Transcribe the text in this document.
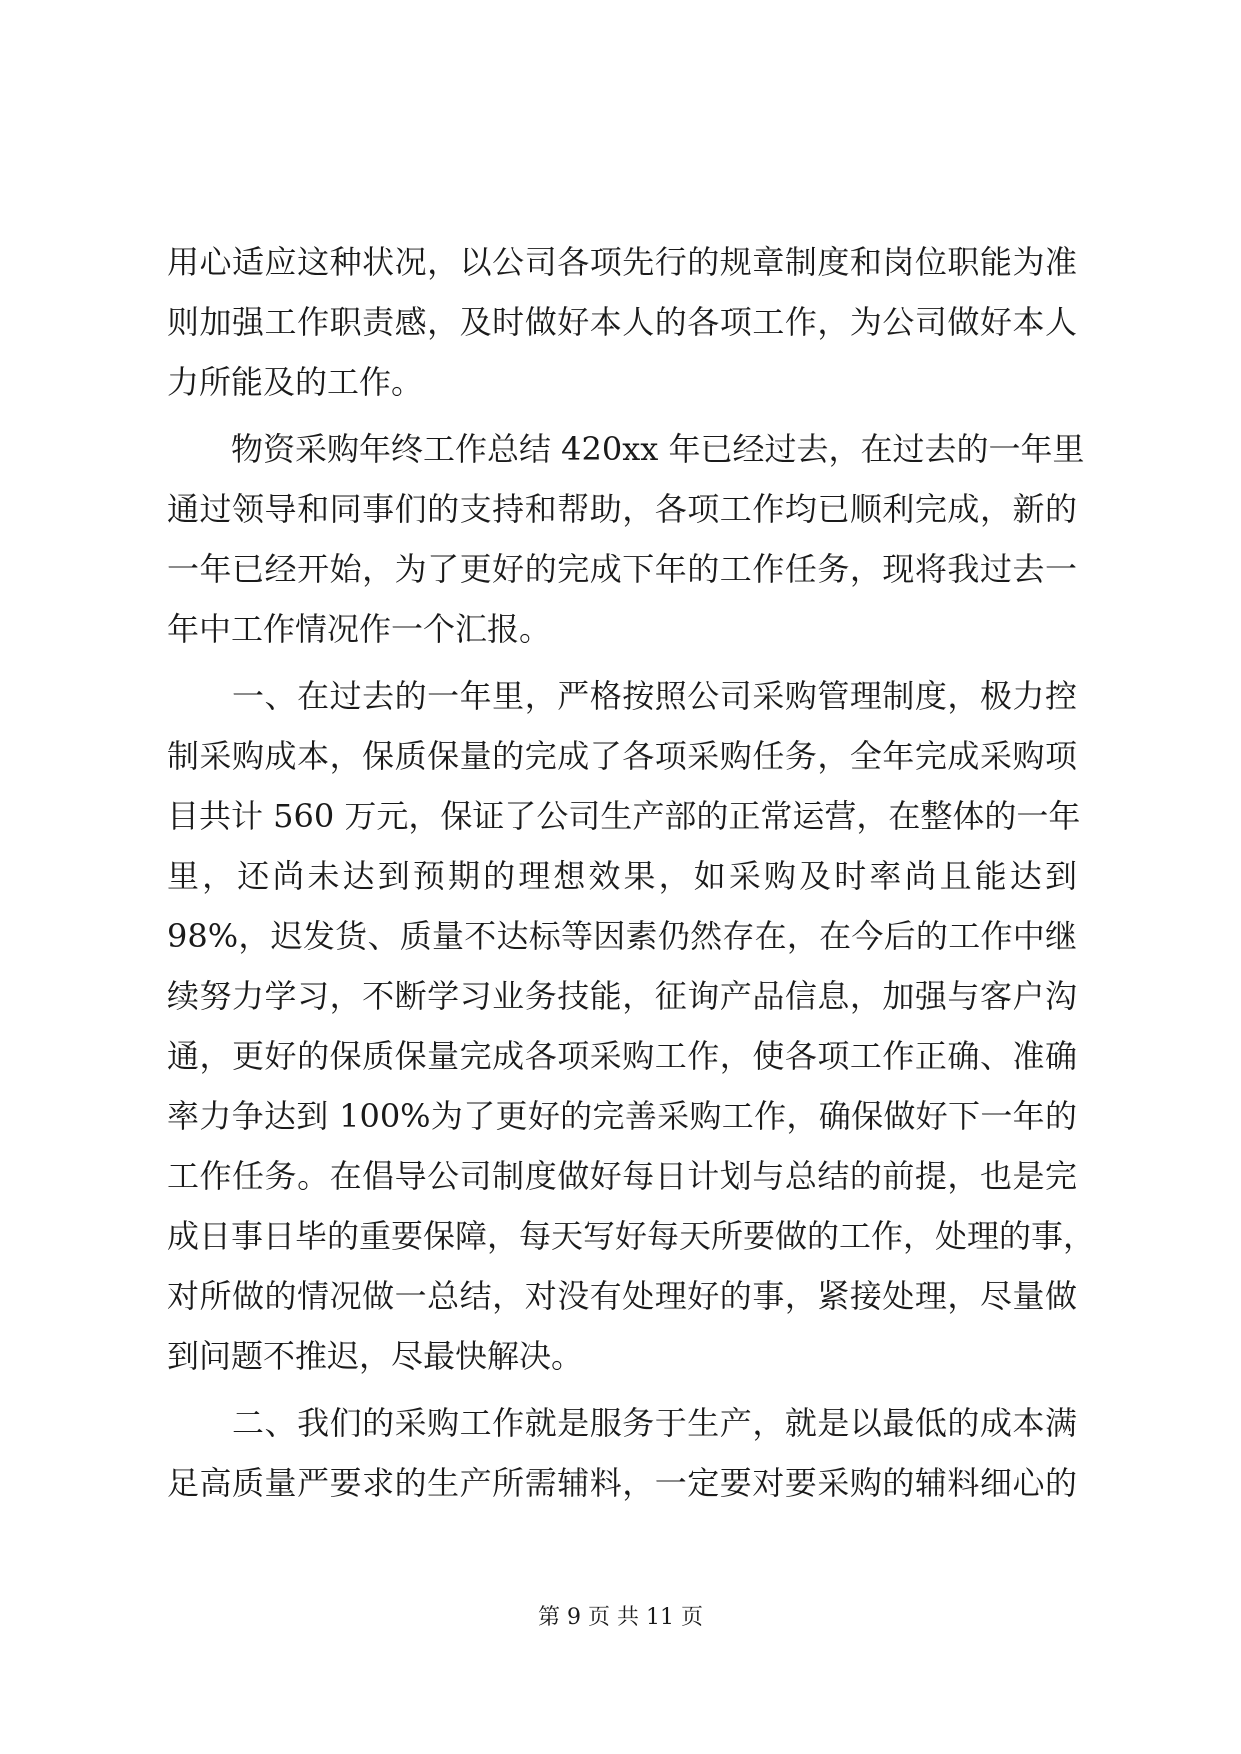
用心适应这种状况，以公司各项先行的规章制度和岗位职能为准
则加强工作职责感，及时做好本人的各项工作，为公司做好本人
力所能及的工作。
　　物资采购年终工作总结 420xx 年已经过去，在过去的一年里
通过领导和同事们的支持和帮助，各项工作均已顺利完成，新的
一年已经开始，为了更好的完成下年的工作任务，现将我过去一
年中工作情况作一个汇报。
　　一、在过去的一年里，严格按照公司采购管理制度，极力控
制采购成本，保质保量的完成了各项采购任务，全年完成采购项
目共计 560 万元，保证了公司生产部的正常运营，在整体的一年
里，还尚未达到预期的理想效果，如采购及时率尚且能达到
98%，迟发货、质量不达标等因素仍然存在，在今后的工作中继
续努力学习，不断学习业务技能，征询产品信息，加强与客户沟
通，更好的保质保量完成各项采购工作，使各项工作正确、准确
率力争达到 100%为了更好的完善采购工作，确保做好下一年的
工作任务。在倡导公司制度做好每日计划与总结的前提，也是完
成日事日毕的重要保障，每天写好每天所要做的工作，处理的事，
对所做的情况做一总结，对没有处理好的事，紧接处理，尽量做
到问题不推迟，尽最快解决。
　　二、我们的采购工作就是服务于生产，就是以最低的成本满
足高质量严要求的生产所需辅料，一定要对要采购的辅料细心的
第 9 页 共 11 页
